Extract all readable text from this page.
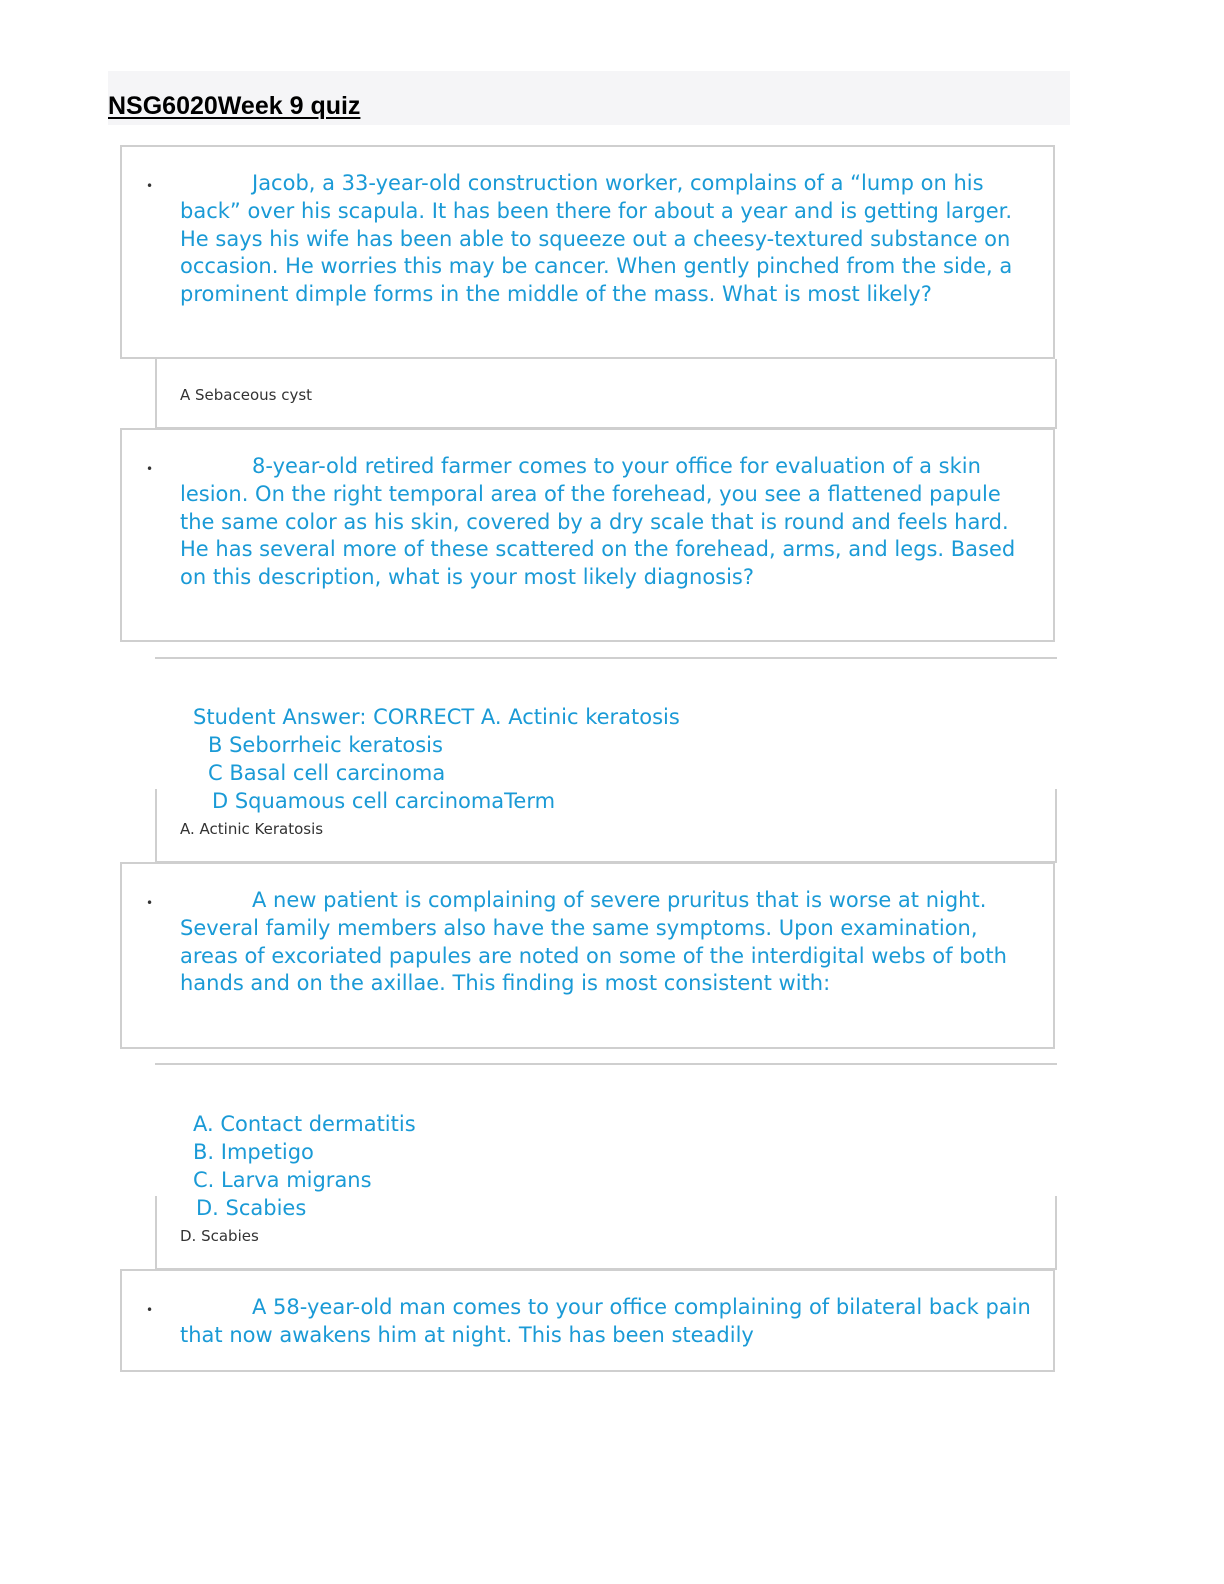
NSG6020Week 9 quiz
•	Jacob, a 33-year-old construction worker, complains of a “lump on his back” over his scapula. It has been there for about a year and is getting larger. He says his wife has been able to squeeze out a cheesy-textured substance on occasion. He worries this may be cancer. When gently pinched from the side, a prominent dimple forms in the middle of the mass. What is most likely?

A Sebaceous cyst
•	8-year-old retired farmer comes to your office for evaluation of a skin lesion. On the right temporal area of the forehead, you see a flattened papule the same color as his skin, covered by a dry scale that is round and feels hard. He has several more of these scattered on the forehead, arms, and legs. Based on this description, what is your most likely diagnosis?

Student Answer: CORRECT A. Actinic keratosis
B Seborrheic keratosis
C Basal cell carcinoma
D Squamous cell carcinomaTerm
A. Actinic Keratosis
•	A new patient is complaining of severe pruritus that is worse at night. Several family members also have the same symptoms. Upon examination, areas of excoriated papules are noted on some of the interdigital webs of both hands and on the axillae. This finding is most consistent with:

A. Contact dermatitis
B. Impetigo
C. Larva migrans
D. Scabies
D. Scabies
•	A 58-year-old man comes to your office complaining of bilateral back pain that now awakens him at night. This has been steadily
